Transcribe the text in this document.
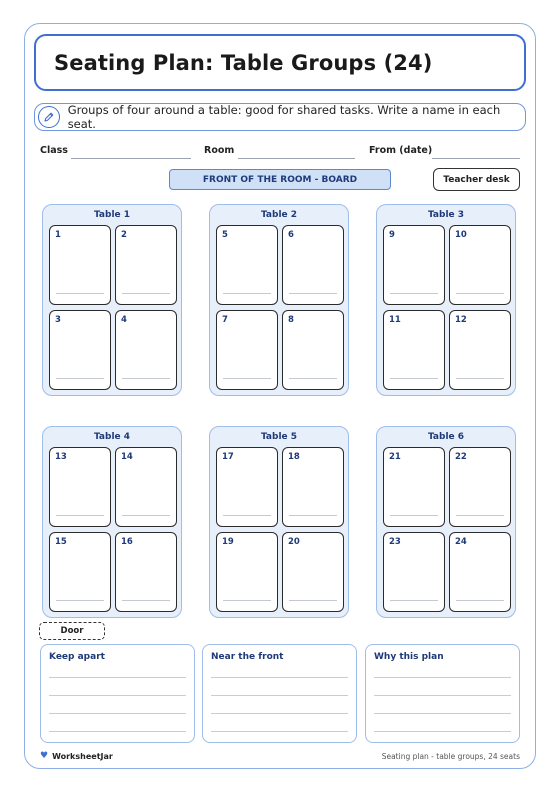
Seating Plan: Table Groups (24)
Groups of four around a table: good for shared tasks. Write a name in each seat.
Class	Room	From (date)
FRONT OF THE ROOM - BOARD	Teacher desk
Table 1
1	2
3	4
Table 2
5	6
7	8
Table 3
9	10
11	12
Table 4
13	14
15	16
Table 5
17	18
19	20
Table 6
21	22
23	24
Door
Keep apart	Near the front	Why this plan
♥ WorksheetJar	Seating plan - table groups, 24 seats
